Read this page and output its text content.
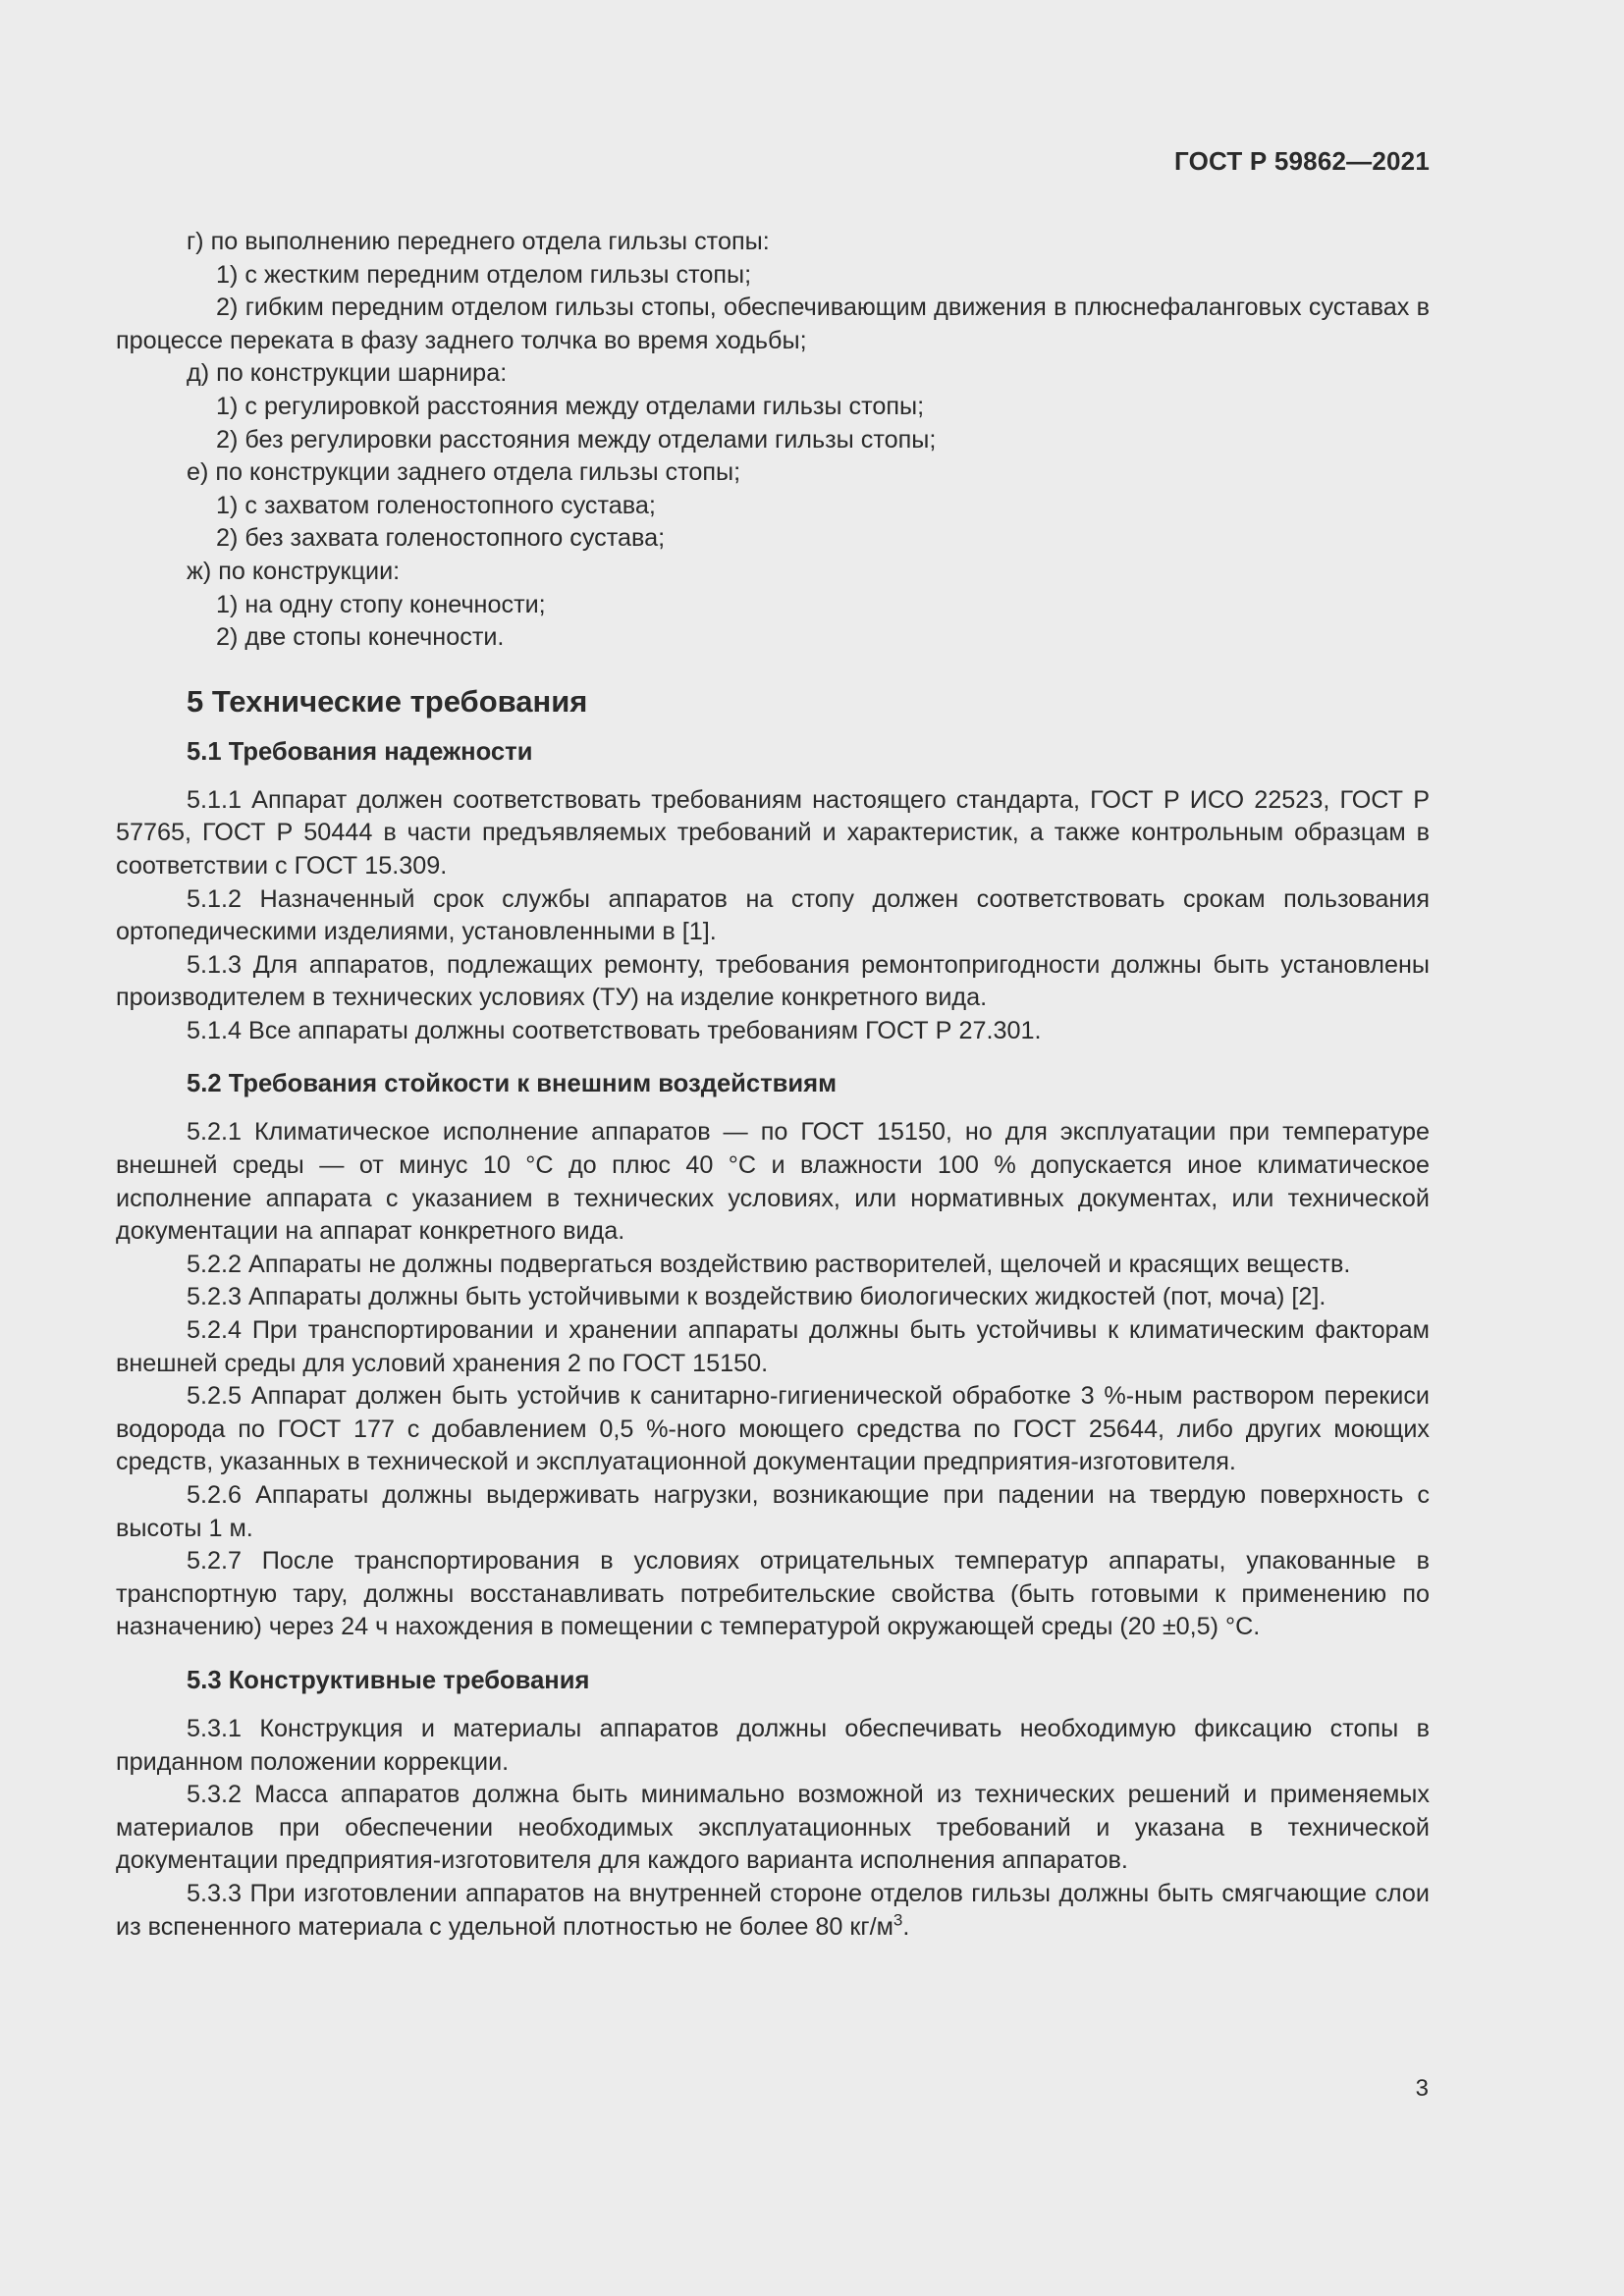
ГОСТ Р 59862—2021

г) по выполнению переднего отдела гильзы стопы:

1) с жестким передним отделом гильзы стопы;

2) гибким передним отделом гильзы стопы, обеспечивающим движения в плюснефаланговых суставах в процессе переката в фазу заднего толчка во время ходьбы;

д) по конструкции шарнира:

1) с регулировкой расстояния между отделами гильзы стопы;

2) без регулировки расстояния между отделами гильзы стопы;

е) по конструкции заднего отдела гильзы стопы;

1) с захватом голеностопного сустава;

2) без захвата голеностопного сустава;

ж) по конструкции:

1) на одну стопу конечности;

2) две стопы конечности.

5 Технические требования
5.1 Требования надежности

5.1.1 Аппарат должен соответствовать требованиям настоящего стандарта, ГОСТ Р ИСО 22523, ГОСТ Р 57765, ГОСТ Р 50444 в части предъявляемых требований и характеристик, а также контрольным образцам в соответствии с ГОСТ 15.309.

5.1.2 Назначенный срок службы аппаратов на стопу должен соответствовать срокам пользования ортопедическими изделиями, установленными в [1].

5.1.3 Для аппаратов, подлежащих ремонту, требования ремонтопригодности должны быть установлены производителем в технических условиях (ТУ) на изделие конкретного вида.

5.1.4 Все аппараты должны соответствовать требованиям ГОСТ Р 27.301.

5.2 Требования стойкости к внешним воздействиям

5.2.1 Климатическое исполнение аппаратов — по ГОСТ 15150, но для эксплуатации при температуре внешней среды — от минус 10 °С до плюс 40 °С и влажности 100 % допускается иное климатическое исполнение аппарата с указанием в технических условиях, или нормативных документах, или технической документации на аппарат конкретного вида.

5.2.2 Аппараты не должны подвергаться воздействию растворителей, щелочей и красящих веществ.

5.2.3 Аппараты должны быть устойчивыми к воздействию биологических жидкостей (пот, моча) [2].

5.2.4 При транспортировании и хранении аппараты должны быть устойчивы к климатическим факторам внешней среды для условий хранения 2 по ГОСТ 15150.

5.2.5 Аппарат должен быть устойчив к санитарно-гигиенической обработке 3 %-ным раствором перекиси водорода по ГОСТ 177 с добавлением 0,5 %-ного моющего средства по ГОСТ 25644, либо других моющих средств, указанных в технической и эксплуатационной документации предприятия-изготовителя.

5.2.6 Аппараты должны выдерживать нагрузки, возникающие при падении на твердую поверхность с высоты 1 м.

5.2.7 После транспортирования в условиях отрицательных температур аппараты, упакованные в транспортную тару, должны восстанавливать потребительские свойства (быть готовыми к применению по назначению) через 24 ч нахождения в помещении с температурой окружающей среды (20 ±0,5) °С.

5.3 Конструктивные требования

5.3.1 Конструкция и материалы аппаратов должны обеспечивать необходимую фиксацию стопы в приданном положении коррекции.

5.3.2 Масса аппаратов должна быть минимально возможной из технических решений и применяемых материалов при обеспечении необходимых эксплуатационных требований и указана в технической документации предприятия-изготовителя для каждого варианта исполнения аппаратов.

5.3.3 При изготовлении аппаратов на внутренней стороне отделов гильзы должны быть смягчающие слои из вспененного материала с удельной плотностью не более 80 $кг/м^3$.

3
